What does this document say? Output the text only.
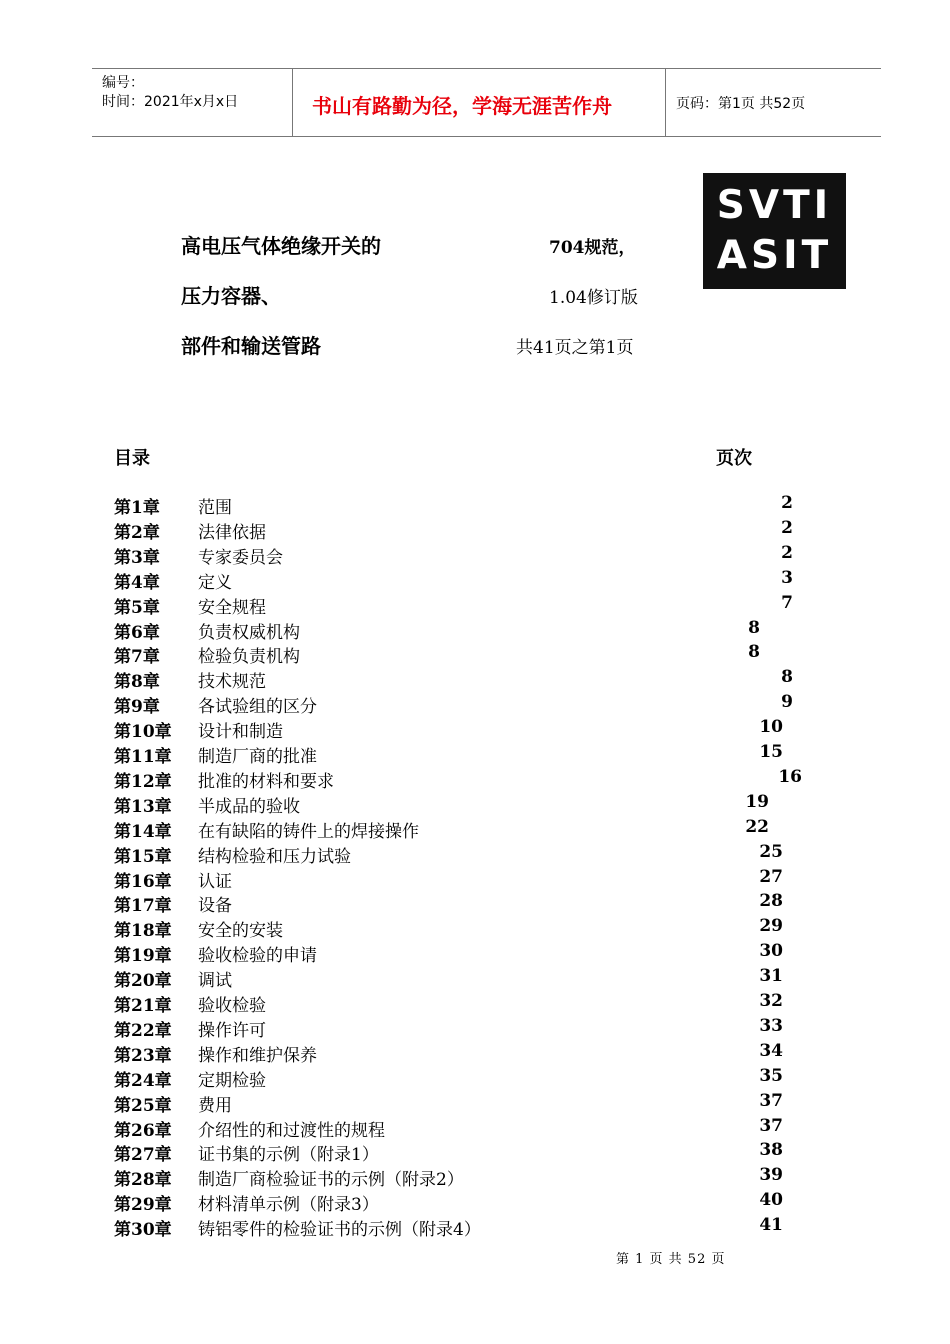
编号：
时间：2021年x月x日	书山有路勤为径，学海无涯苦作舟	页码：第1页 共52页
SVTI
ASIT
高电压气体绝缘开关的
压力容器、
部件和输送管路
704规范，
1.04修订版
共41页之第1页
目录	页次
第1章 范围	2
第2章 法律依据	2
第3章 专家委员会	2
第4章 定义	3
第5章 安全规程	7
第6章 负责权威机构	8
第7章 检验负责机构	8
第8章 技术规范	8
第9章 各试验组的区分	9
第10章 设计和制造	10
第11章 制造厂商的批准	15
第12章 批准的材料和要求	16
第13章 半成品的验收	19
第14章 在有缺陷的铸件上的焊接操作	22
第15章 结构检验和压力试验	25
第16章 认证	27
第17章 设备	28
第18章 安全的安装	29
第19章 验收检验的申请	30
第20章 调试	31
第21章 验收检验	32
第22章 操作许可	33
第23章 操作和维护保养	34
第24章 定期检验	35
第25章 费用	37
第26章 介绍性的和过渡性的规程	37
第27章 证书集的示例（附录1）	38
第28章 制造厂商检验证书的示例（附录2）	39
第29章 材料清单示例（附录3）	40
第30章 铸铝零件的检验证书的示例（附录4）	41
第 1 页 共 52 页
